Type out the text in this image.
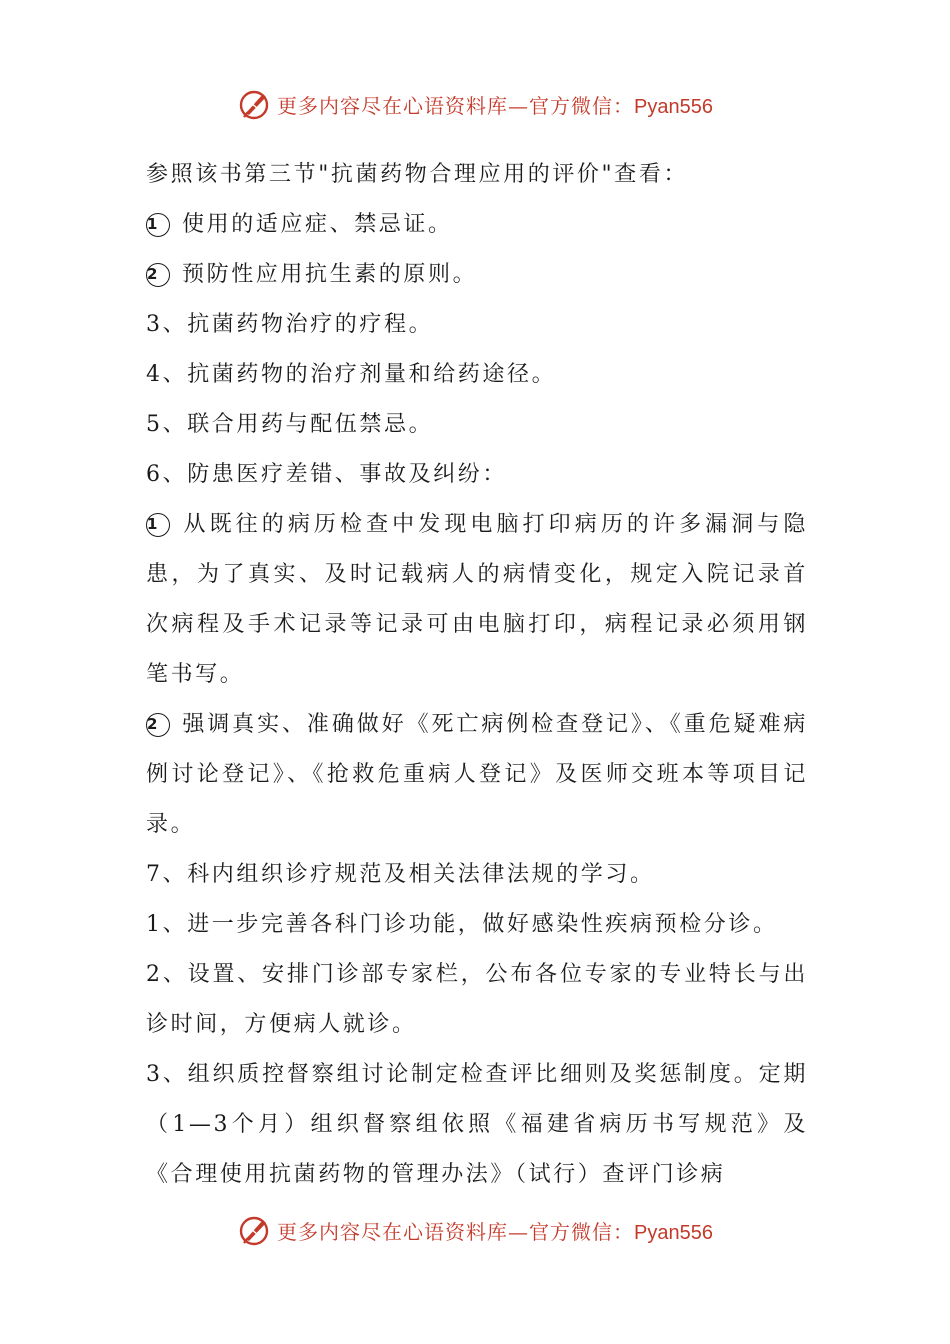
更多内容尽在心语资料库—官方微信：Pyan556

参照该书第三节"抗菌药物合理应用的评价"查看：

1 使用的适应症、禁忌证。

2 预防性应用抗生素的原则。

3、抗菌药物治疗的疗程。

4、抗菌药物的治疗剂量和给药途径。

5、联合用药与配伍禁忌。

6、防患医疗差错、事故及纠纷：

1 从既往的病历检查中发现电脑打印病历的许多漏洞与隐患，为了真实、及时记载病人的病情变化，规定入院记录首次病程及手术记录等记录可由电脑打印，病程记录必须用钢笔书写。

2 强调真实、准确做好《死亡病例检查登记》、《重危疑难病例讨论登记》、《抢救危重病人登记》及医师交班本等项目记录。

7、科内组织诊疗规范及相关法律法规的学习。

1、进一步完善各科门诊功能，做好感染性疾病预检分诊。

2、设置、安排门诊部专家栏，公布各位专家的专业特长与出诊时间，方便病人就诊。

3、组织质控督察组讨论制定检查评比细则及奖惩制度。定期（1—3个月）组织督察组依照《福建省病历书写规范》及《合理使用抗菌药物的管理办法》（试行）查评门诊病

更多内容尽在心语资料库—官方微信：Pyan556
